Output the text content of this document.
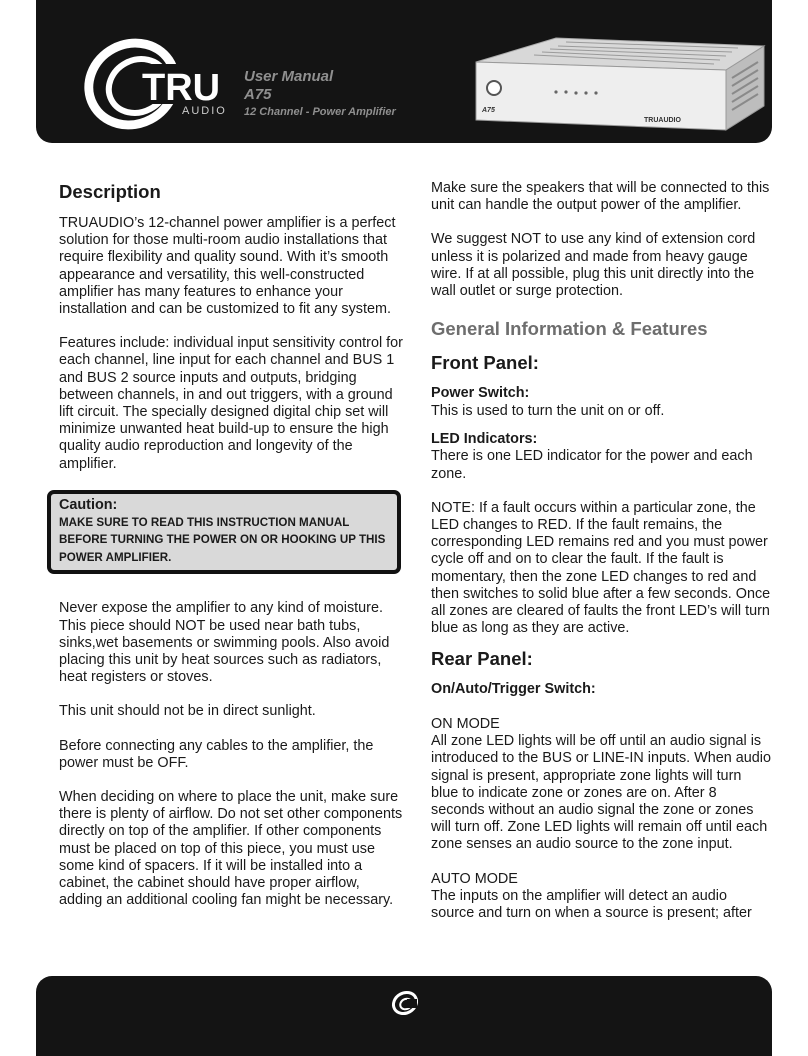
TRU
AUDIO
User Manual
A75
12 Channel - Power Amplifier	A75
TRUAUDIO
Description

TRUAUDIO’s 12-channel power amplifier is a perfect solution for those multi-room audio installations that require flexibility and quality sound. With it’s smooth appearance and versatility, this well-constructed amplifier has many features to enhance your installation and can be customized to fit any system.

Features include: individual input sensitivity control for each channel, line input for each channel and BUS 1 and BUS 2 source inputs and outputs, bridging between channels, in and out triggers, with a ground lift circuit. The specially designed digital chip set will minimize unwanted heat build-up to ensure the high quality audio reproduction and longevity of the amplifier.

Caution:
MAKE SURE TO READ THIS INSTRUCTION MANUAL BEFORE TURNING THE POWER ON OR HOOKING UP THIS POWER AMPLIFIER.

Never expose the amplifier to any kind of moisture. This piece should NOT be used near bath tubs, sinks,wet basements or swimming pools. Also avoid placing this unit by heat sources such as radiators, heat registers or stoves.

This unit should not be in direct sunlight.

Before connecting any cables to the amplifier, the power must be OFF.

When deciding on where to place the unit, make sure there is plenty of airflow. Do not set other components directly on top of the amplifier. If other components must be placed on top of this piece, you must use some kind of spacers. If it will be installed into a cabinet, the cabinet should have proper airflow, adding an additional cooling fan might be necessary.

Make sure the speakers that will be connected to this unit can handle the output power of the amplifier.

We suggest NOT to use any kind of extension cord unless it is polarized and made from heavy gauge wire. If at all possible, plug this unit directly into the wall outlet or surge protection.

General Information & Features
Front Panel:
Power Switch:

This is used to turn the unit on or off.

LED Indicators:

There is one LED indicator for the power and each zone.

NOTE: If a fault occurs within a particular zone, the LED changes to RED. If the fault remains, the corresponding LED remains red and you must power cycle off and on to clear the fault. If the fault is momentary, then the zone LED changes to red and then switches to solid blue after a few seconds. Once all zones are cleared of faults the front LED’s will turn blue as long as they are active.

Rear Panel:
On/Auto/Trigger Switch:
ON MODE

All zone LED lights will be off until an audio signal is introduced to the BUS or LINE-IN inputs. When audio signal is present, appropriate zone lights will turn blue to indicate zone or zones are on. After 8 seconds without an audio signal the zone or zones will turn off. Zone LED lights will remain off until each zone senses an audio source to the zone input.

AUTO MODE

The inputs on the amplifier will detect an audio source and turn on when a source is present; after
